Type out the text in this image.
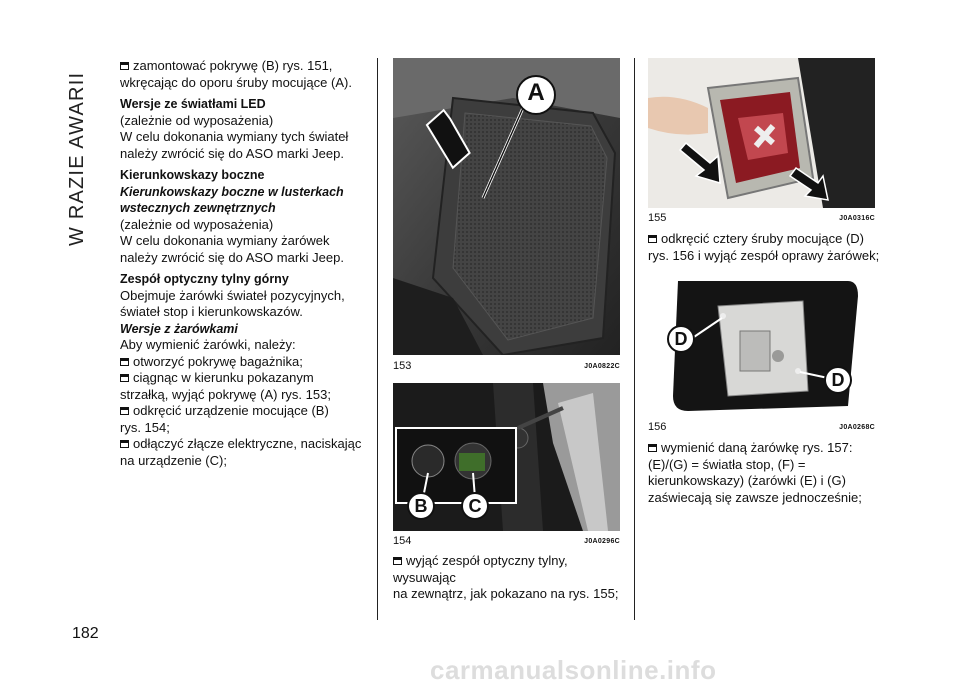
W RAZIE AWARII
182

zamontować pokrywę (B) rys. 151,

wkręcając do oporu śruby mocujące (A).

Wersje ze światłami LED

(zależnie od wyposażenia)

W celu dokonania wymiany tych świateł

należy zwrócić się do ASO marki Jeep.

Kierunkowskazy boczne

Kierunkowskazy boczne w lusterkach

wstecznych zewnętrznych

(zależnie od wyposażenia)

W celu dokonania wymiany żarówek

należy zwrócić się do ASO marki Jeep.

Zespół optyczny tylny górny

Obejmuje żarówki świateł pozycyjnych,

świateł stop i kierunkowskazów.

Wersje z żarówkami

Aby wymienić żarówki, należy:

otworzyć pokrywę bagażnika;

ciągnąc w kierunku pokazanym

strzałką, wyjąć pokrywę (A) rys. 153;

odkręcić urządzenie mocujące (B)

rys. 154;

odłączyć złącze elektryczne, naciskając

na urządzenie (C);

A
153	J0A0822C
B C
154	J0A0296C

wyjąć zespół optyczny tylny, wysuwając

na zewnątrz, jak pokazano na rys. 155;

155	J0A0316C

odkręcić cztery śruby mocujące (D)

rys. 156 i wyjąć zespół oprawy żarówek;

D
D
156	J0A0268C

wymienić daną żarówkę rys. 157:

(E)/(G) = światła stop, (F) =

kierunkowskazy) (żarówki (E) i (G)

zaświecają się zawsze jednocześnie;

carmanualsonline.info
